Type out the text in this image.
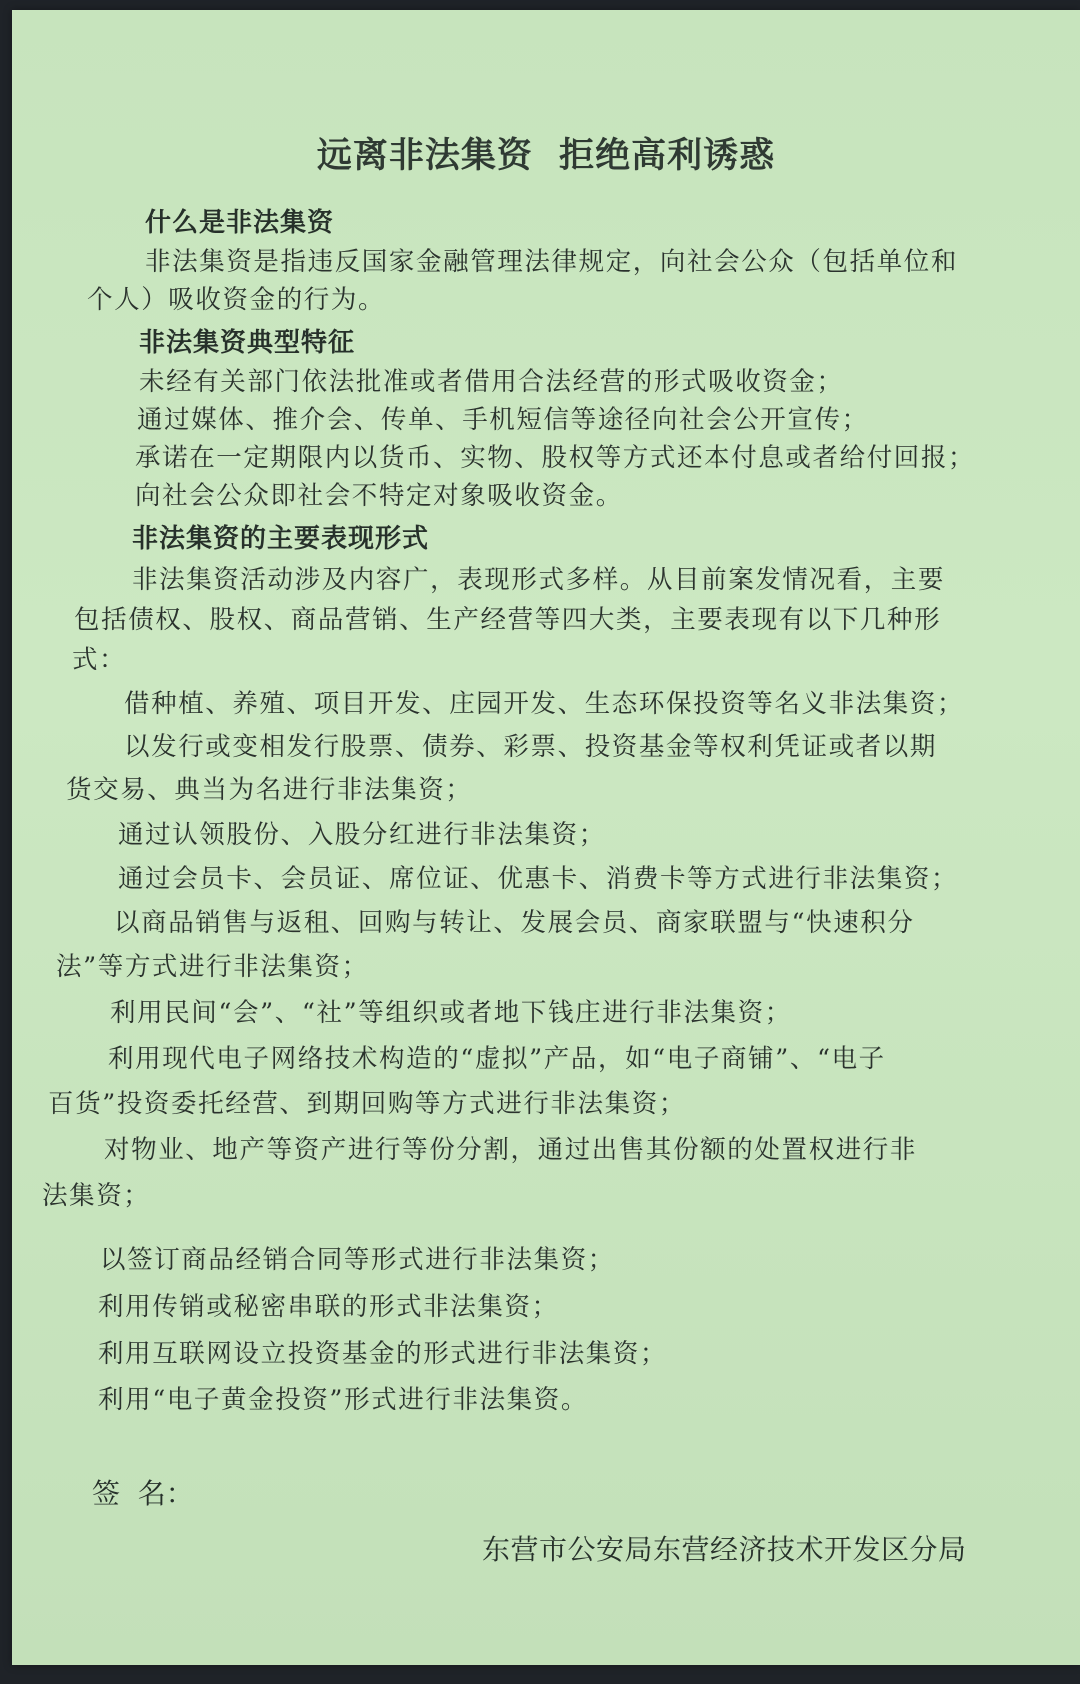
远离非法集资  拒绝高利诱惑
什么是非法集资
非法集资是指违反国家金融管理法律规定，向社会公众（包括单位和
个人）吸收资金的行为。
非法集资典型特征
未经有关部门依法批准或者借用合法经营的形式吸收资金；
通过媒体、推介会、传单、手机短信等途径向社会公开宣传；
承诺在一定期限内以货币、实物、股权等方式还本付息或者给付回报；
向社会公众即社会不特定对象吸收资金。
非法集资的主要表现形式
非法集资活动涉及内容广，表现形式多样。从目前案发情况看，主要
包括债权、股权、商品营销、生产经营等四大类，主要表现有以下几种形
式：
借种植、养殖、项目开发、庄园开发、生态环保投资等名义非法集资；
以发行或变相发行股票、债券、彩票、投资基金等权利凭证或者以期
货交易、典当为名进行非法集资；
通过认领股份、入股分红进行非法集资；
通过会员卡、会员证、席位证、优惠卡、消费卡等方式进行非法集资；
以商品销售与返租、回购与转让、发展会员、商家联盟与“快速积分
法”等方式进行非法集资；
利用民间“会”、“社”等组织或者地下钱庄进行非法集资；
利用现代电子网络技术构造的“虚拟”产品，如“电子商铺”、“电子
百货”投资委托经营、到期回购等方式进行非法集资；
对物业、地产等资产进行等份分割，通过出售其份额的处置权进行非
法集资；
以签订商品经销合同等形式进行非法集资；
利用传销或秘密串联的形式非法集资；
利用互联网设立投资基金的形式进行非法集资；
利用“电子黄金投资”形式进行非法集资。
签  名：
东营市公安局东营经济技术开发区分局
